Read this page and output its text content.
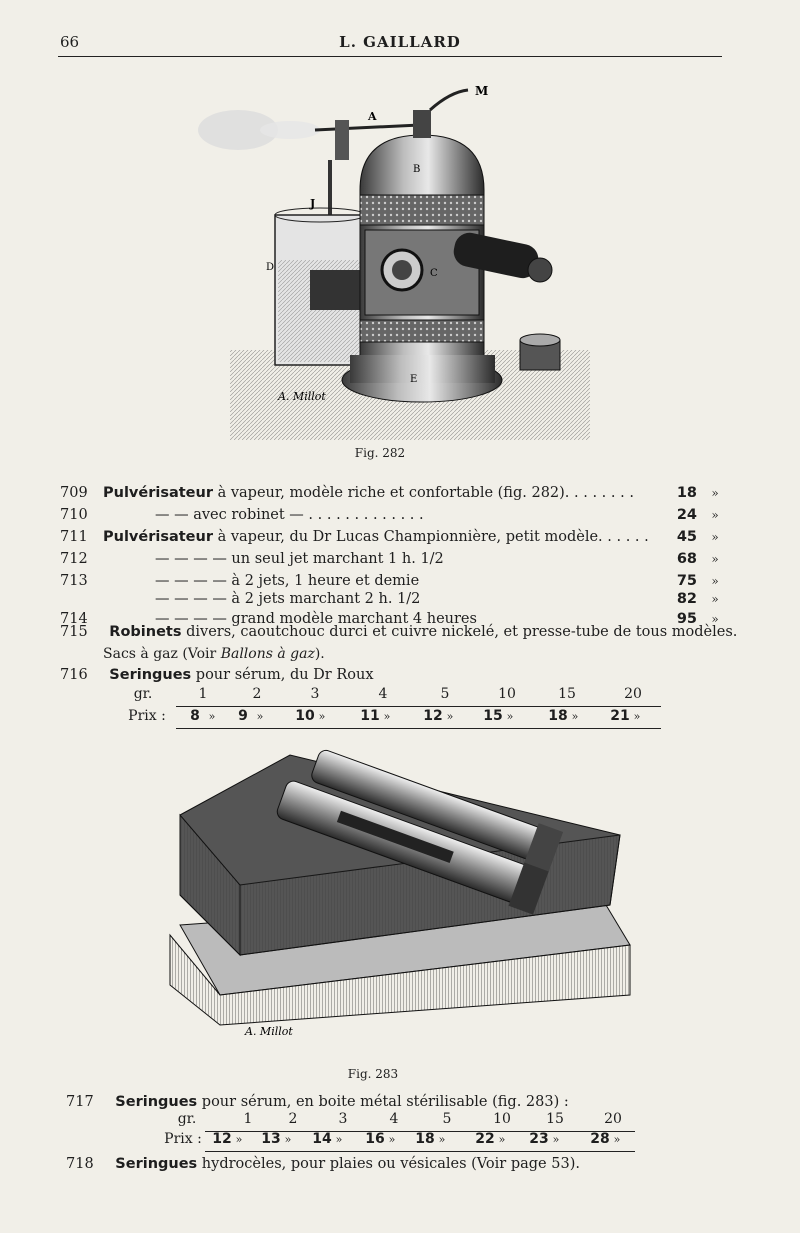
66	L. GAILLARD
M
A
B
J
D
C
E
A. Millot
Fig. 282
709 Pulvérisateur à vapeur, modèle riche et confortable (fig. 282). . . . . . . .	18	»
710	— — avec robinet — . . . . . . . . . . . . .	24	»
711 Pulvérisateur à vapeur, du Dr Lucas Championnière, petit modèle. . . . . .	45	»
712	— — — — un seul jet marchant 1 h. 1/2	68	»
713	— — — — à 2 jets, 1 heure et demie	75	»
— — — — à 2 jets marchant 2 h. 1/2	82	»
714	— — — — grand modèle marchant 4 heures	95	»
715 Robinets divers, caoutchouc durci et cuivre nickelé, et presse-tube de tous modèles.
Sacs à gaz (Voir Ballons à gaz).
716 Seringues pour sérum, du Dr Roux
gr.
Prix :
1	2	3	4	5	10	15	20
8 »	9 »	10 »	11 »	12 »	15 »	18 »	21 »
A. Millot
Fig. 283
717 Seringues pour sérum, en boite métal stérilisable (fig. 283) :
gr.
Prix :
1	2	3	4	5	10	15	20
12 »	13 »	14 »	16 »	18 »	22 »	23 »	28 »
718 Seringues hydrocèles, pour plaies ou vésicales (Voir page 53).
